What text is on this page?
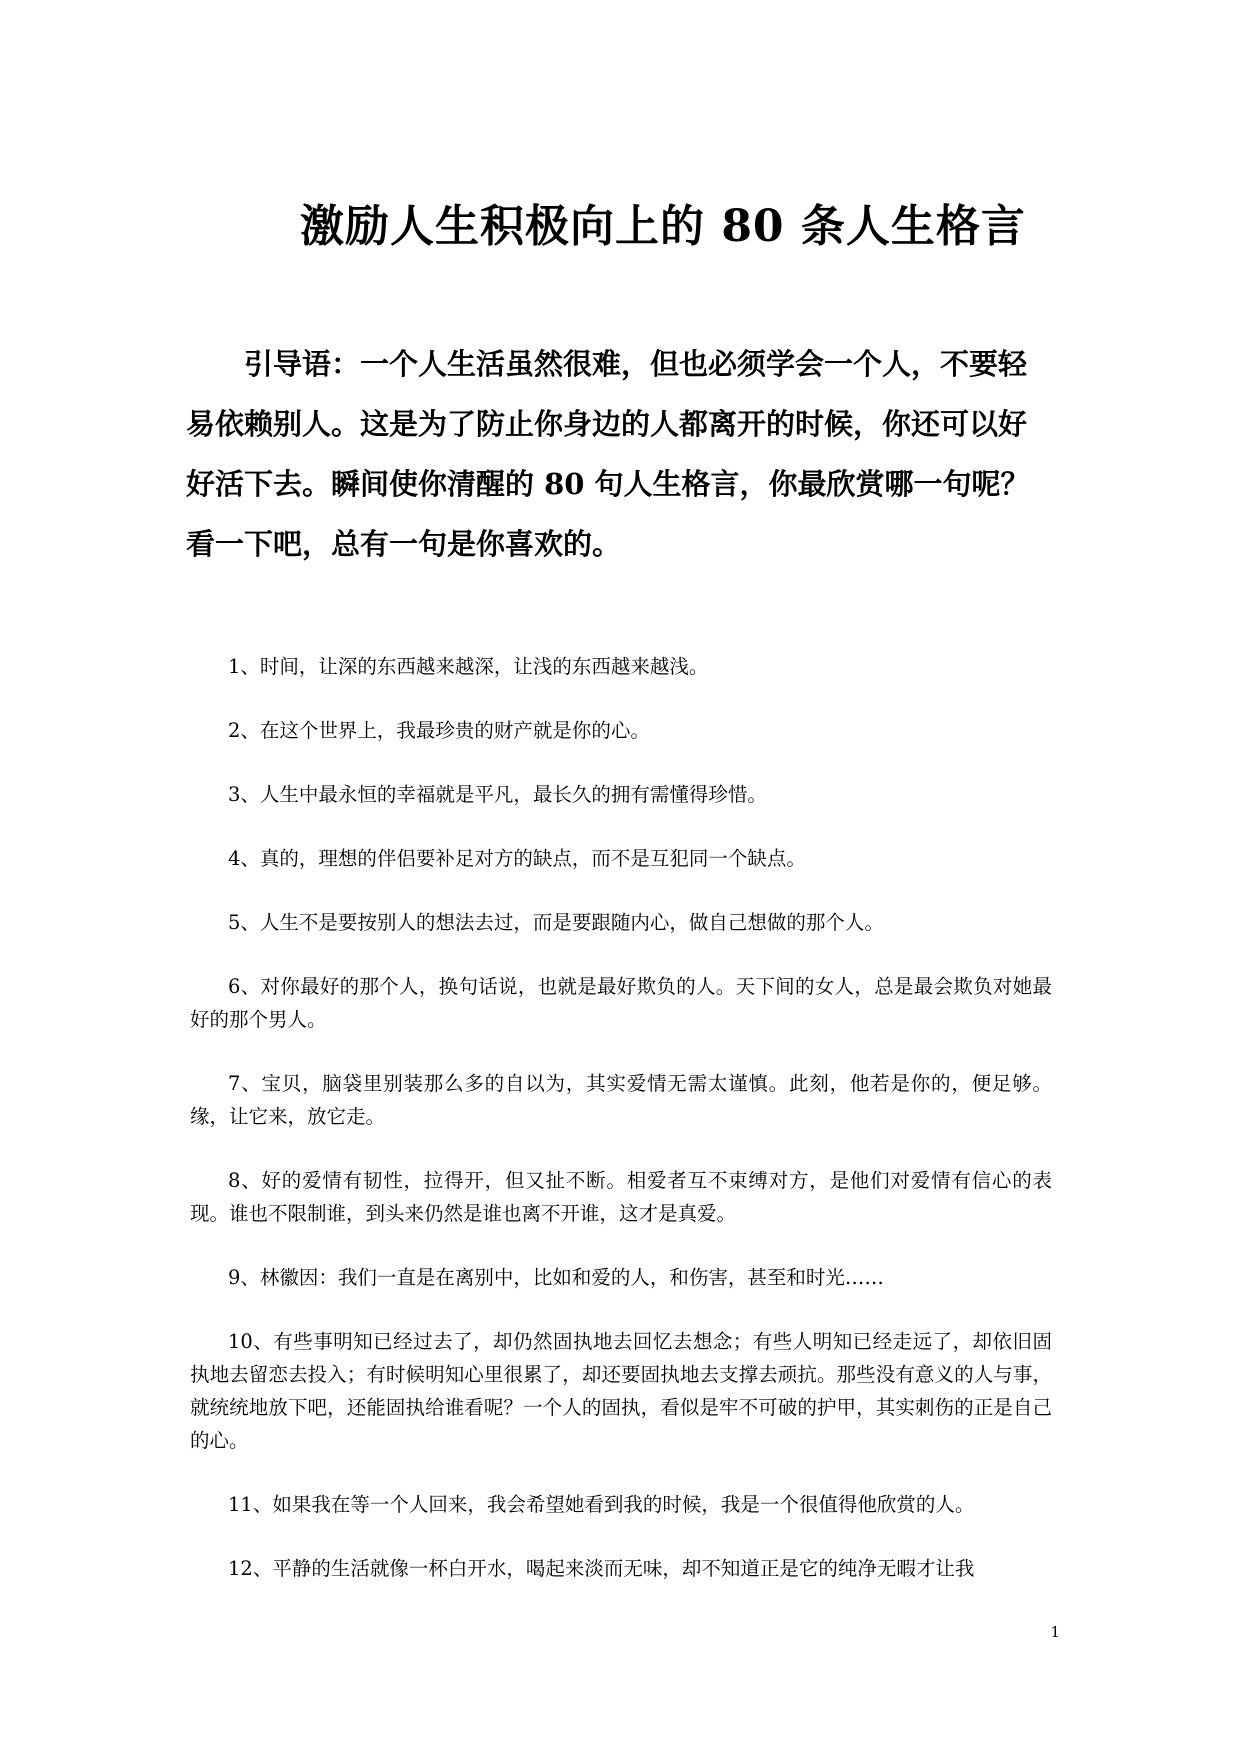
激励人生积极向上的 80 条人生格言

引导语：一个人生活虽然很难，但也必须学会一个人，不要轻易依赖别人。这是为了防止你身边的人都离开的时候，你还可以好好活下去。瞬间使你清醒的 80 句人生格言，你最欣赏哪一句呢？看一下吧，总有一句是你喜欢的。

1、时间，让深的东西越来越深，让浅的东西越来越浅。
2、在这个世界上，我最珍贵的财产就是你的心。
3、人生中最永恒的幸福就是平凡，最长久的拥有需懂得珍惜。
4、真的，理想的伴侣要补足对方的缺点，而不是互犯同一个缺点。
5、人生不是要按别人的想法去过，而是要跟随内心，做自己想做的那个人。
6、对你最好的那个人，换句话说，也就是最好欺负的人。天下间的女人，总是最会欺负对她最好的那个男人。
7、宝贝，脑袋里别装那么多的自以为，其实爱情无需太谨慎。此刻，他若是你的，便足够。缘，让它来，放它走。
8、好的爱情有韧性，拉得开，但又扯不断。相爱者互不束缚对方，是他们对爱情有信心的表现。谁也不限制谁，到头来仍然是谁也离不开谁，这才是真爱。
9、林徽因：我们一直是在离别中，比如和爱的人，和伤害，甚至和时光……
10、有些事明知已经过去了，却仍然固执地去回忆去想念；有些人明知已经走远了，却依旧固执地去留恋去投入；有时候明知心里很累了，却还要固执地去支撑去顽抗。那些没有意义的人与事，就统统地放下吧，还能固执给谁看呢？一个人的固执，看似是牢不可破的护甲，其实刺伤的正是自己的心。
11、如果我在等一个人回来，我会希望她看到我的时候，我是一个很值得他欣赏的人。
12、平静的生活就像一杯白开水，喝起来淡而无味，却不知道正是它的纯净无暇才让我
1
